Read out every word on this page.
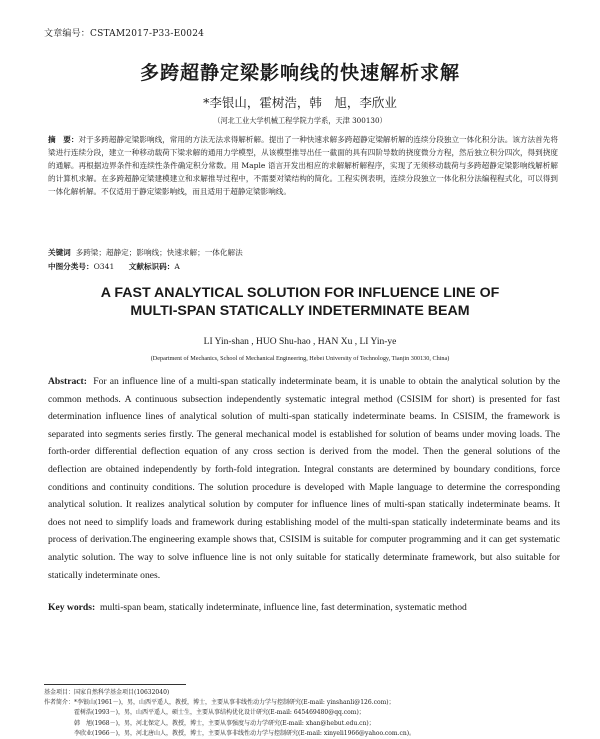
文章编号：CSTAM2017-P33-E0024
多跨超静定梁影响线的快速解析求解
*李银山，霍树浩，韩　旭，李欣业
（河北工业大学机械工程学院力学系，天津 300130）
摘　要：对于多跨超静定梁影响线，常用的方法无法求得解析解。提出了一种快速求解多跨超静定梁解析解的连续分段独立一体化积分法。该方法首先将梁进行连续分段，建立一种移动载荷下梁求解的通用力学模型，从该模型推导出任一截面的具有四阶导数的挠度微分方程，然后独立积分四次，得到挠度的通解。再根据边界条件和连续性条件确定积分常数。用 Maple 语言开发出相应的求解解析解程序，实现了无须移动载荷与多跨超静定梁影响线解析解的计算机求解。在多跨超静定梁建模建立和求解推导过程中，不需要对梁结构的简化。工程实例表明，连续分段独立一体化积分法编程程式化，可以得到一体化解析解。不仅适用于静定梁影响线，而且适用于超静定梁影响线。
关键词 多跨梁；超静定；影响线；快速求解；一体化解法
中图分类号：O341 文献标识码：A
A FAST ANALYTICAL SOLUTION FOR INFLUENCE LINE OF
MULTI-SPAN STATICALLY INDETERMINATE BEAM
LI Yin-shan , HUO Shu-hao , HAN Xu , LI Yin-ye
(Department of Mechanics, School of Mechanical Engineering, Hebei University of Technology, Tianjin 300130, China)
Abstract: For an influence line of a multi-span statically indeterminate beam, it is unable to obtain the analytical solution by the common methods. A continuous subsection independently systematic integral method (CSISIM for short) is presented for fast determination influence lines of analytical solution of multi-span statically indeterminate beams. In CSISIM, the framework is separated into segments series firstly. The general mechanical model is established for solution of beams under moving loads. The forth-order differential deflection equation of any cross section is derived from the model. Then the general solutions of the deflection are obtained independently by forth-fold integration. Integral constants are determined by boundary conditions, force conditions and continuity conditions. The solution procedure is developed with Maple language to determine the corresponding analytical solution. It realizes analytical solution by computer for influence lines of multi-span statically indeterminate beams. It does not need to simplify loads and framework during establishing model of the multi-span statically indeterminate beams and its process of derivation.The engineering example shows that, CSISIM is suitable for computer programming and it can get systematic analytic solution. The way to solve influence line is not only suitable for statically determinate framework, but also suitable for statically indeterminate ones.
Key words: multi-span beam, statically indeterminate, influence line, fast determination, systematic method
基金项目：国家自然科学基金项目(10632040)
作者简介：*李银山(1961－)，男，山西平遥人，教授，博士，主要从事非线性动力学与控制研究(E-mail: yinshanli@126.com)；
　　　　　霍树浩(1993－)，男，山西平遥人，硕士生，主要从事结构优化设计研究(E-mail: 645469480@qq.com)；
　　　　　韩　旭(1968－)，男，河北保定人，教授，博士，主要从事强度与动力学研究(E-mail: xhan@hebut.edu.cn)；
　　　　　李欣业(1966－)，男，河北唐山人，教授，博士，主要从事非线性动力学与控制研究(E-mail: xinyeli1966@yahoo.com.cn)。
